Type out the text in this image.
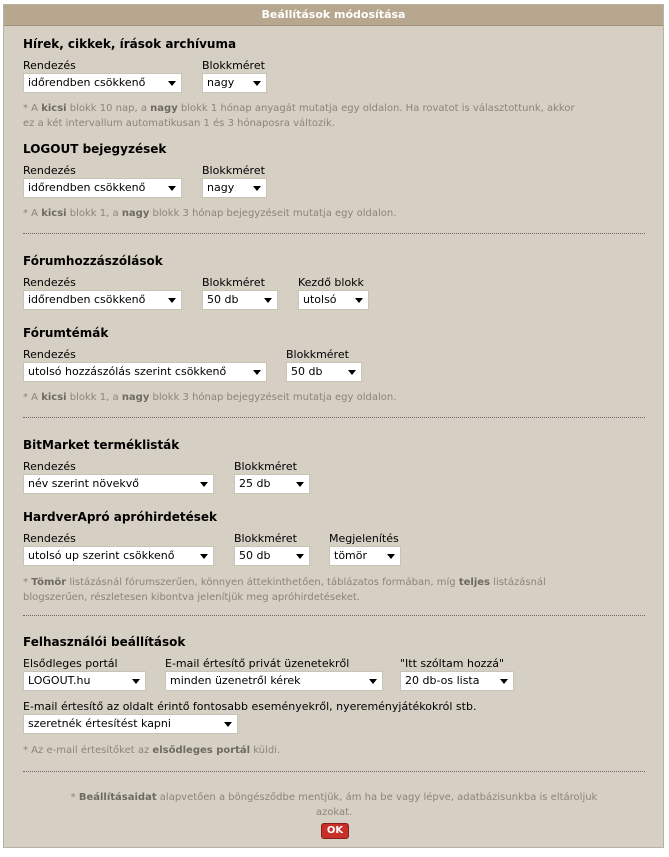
Beállítások módosítása
Hírek, cikkek, írások archívuma
Rendezés
időrendben csökkenő
Blokkméret
nagy
* A kicsi blokk 10 nap, a nagy blokk 1 hónap anyagát mutatja egy oldalon. Ha rovatot is választottunk, akkor
ez a két intervallum automatikusan 1 és 3 hónaposra változik.
LOGOUT bejegyzések
Rendezés
időrendben csökkenő
Blokkméret
nagy
* A kicsi blokk 1, a nagy blokk 3 hónap bejegyzéseit mutatja egy oldalon.
Fórumhozzászólások
Rendezés
időrendben csökkenő
Blokkméret
50 db
Kezdő blokk
utolsó
Fórumtémák
Rendezés
utolsó hozzászólás szerint csökkenő
Blokkméret
50 db
* A kicsi blokk 1, a nagy blokk 3 hónap bejegyzéseit mutatja egy oldalon.
BitMarket terméklisták
Rendezés
név szerint növekvő
Blokkméret
25 db
HardverApró apróhirdetések
Rendezés
utolsó up szerint csökkenő
Blokkméret
50 db
Megjelenítés
tömör
* Tömör listázásnál fórumszerűen, könnyen áttekinthetően, táblázatos formában, míg teljes listázásnál
blogszerűen, részletesen kibontva jelenítjük meg apróhirdetéseket.
Felhasználói beállítások
Elsődleges portál
LOGOUT.hu
E-mail értesítő privát üzenetekről
minden üzenetről kérek
"Itt szóltam hozzá"
20 db-os lista
E-mail értesítő az oldalt érintő fontosabb eseményekről, nyereményjátékokról stb.
szeretnék értesítést kapni
* Az e-mail értesítőket az elsődleges portál küldi.
* Beállításaidat alapvetően a böngésződbe mentjük, ám ha be vagy lépve, adatbázisunkba is eltároljuk
azokat.
OK
